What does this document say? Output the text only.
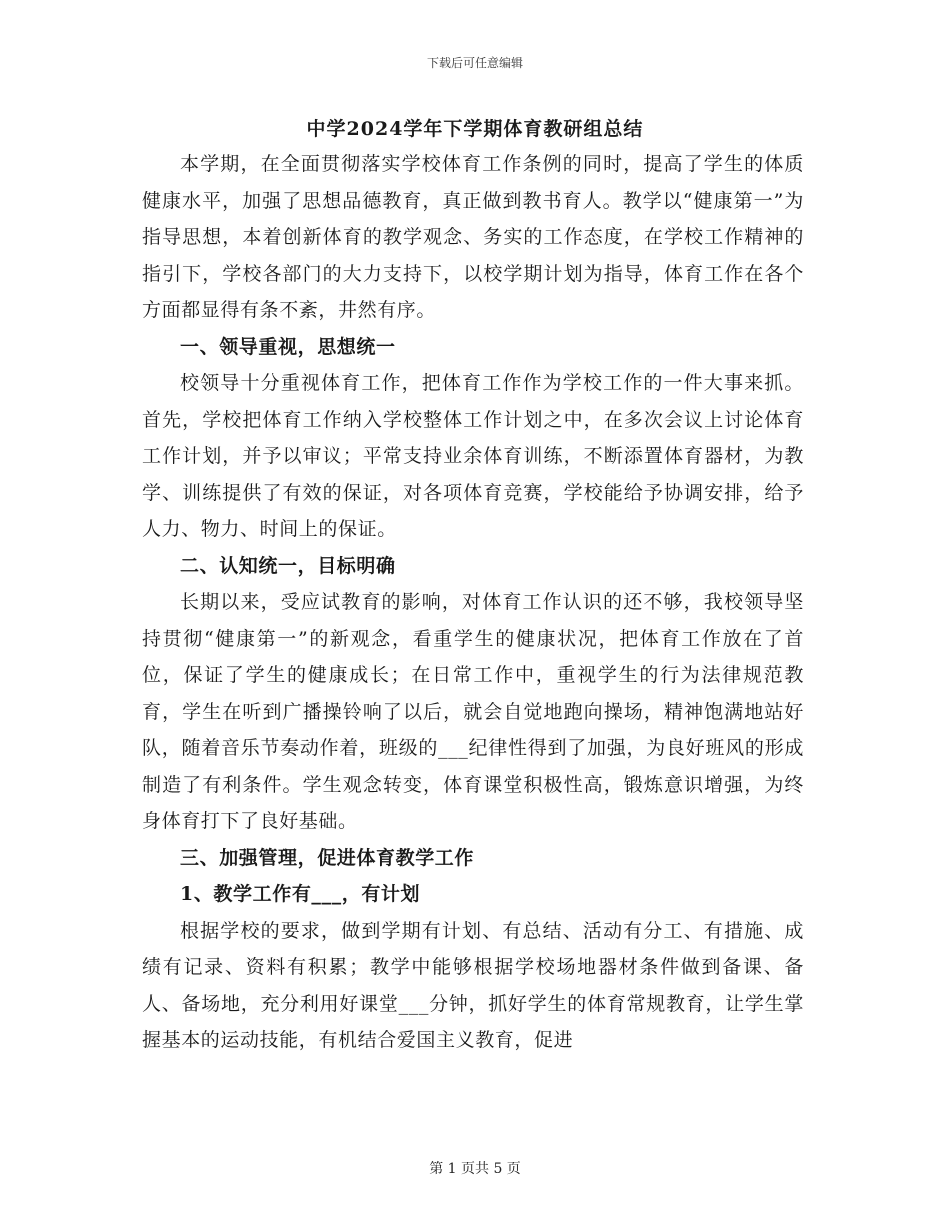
下载后可任意编辑
中学2024学年下学期体育教研组总结

本学期，在全面贯彻落实学校体育工作条例的同时，提高了学生的体质健康水平，加强了思想品德教育，真正做到教书育人。教学以“健康第一”为指导思想，本着创新体育的教学观念、务实的工作态度，在学校工作精神的指引下，学校各部门的大力支持下，以校学期计划为指导，体育工作在各个方面都显得有条不紊，井然有序。

一、领导重视，思想统一

校领导十分重视体育工作，把体育工作作为学校工作的一件大事来抓。首先，学校把体育工作纳入学校整体工作计划之中，在多次会议上讨论体育工作计划，并予以审议；平常支持业余体育训练，不断添置体育器材，为教学、训练提供了有效的保证，对各项体育竞赛，学校能给予协调安排，给予人力、物力、时间上的保证。

二、认知统一，目标明确

长期以来，受应试教育的影响，对体育工作认识的还不够，我校领导坚持贯彻“健康第一”的新观念，看重学生的健康状况，把体育工作放在了首位，保证了学生的健康成长；在日常工作中，重视学生的行为法律规范教育，学生在听到广播操铃响了以后，就会自觉地跑向操场，精神饱满地站好队，随着音乐节奏动作着，班级的___纪律性得到了加强，为良好班风的形成制造了有利条件。学生观念转变，体育课堂积极性高，锻炼意识增强，为终身体育打下了良好基础。

三、加强管理，促进体育教学工作

1、教学工作有___，有计划

根据学校的要求，做到学期有计划、有总结、活动有分工、有措施、成绩有记录、资料有积累；教学中能够根据学校场地器材条件做到备课、备人、备场地，充分利用好课堂___分钟，抓好学生的体育常规教育，让学生掌握基本的运动技能，有机结合爱国主义教育，促进

第 1 页共 5 页
